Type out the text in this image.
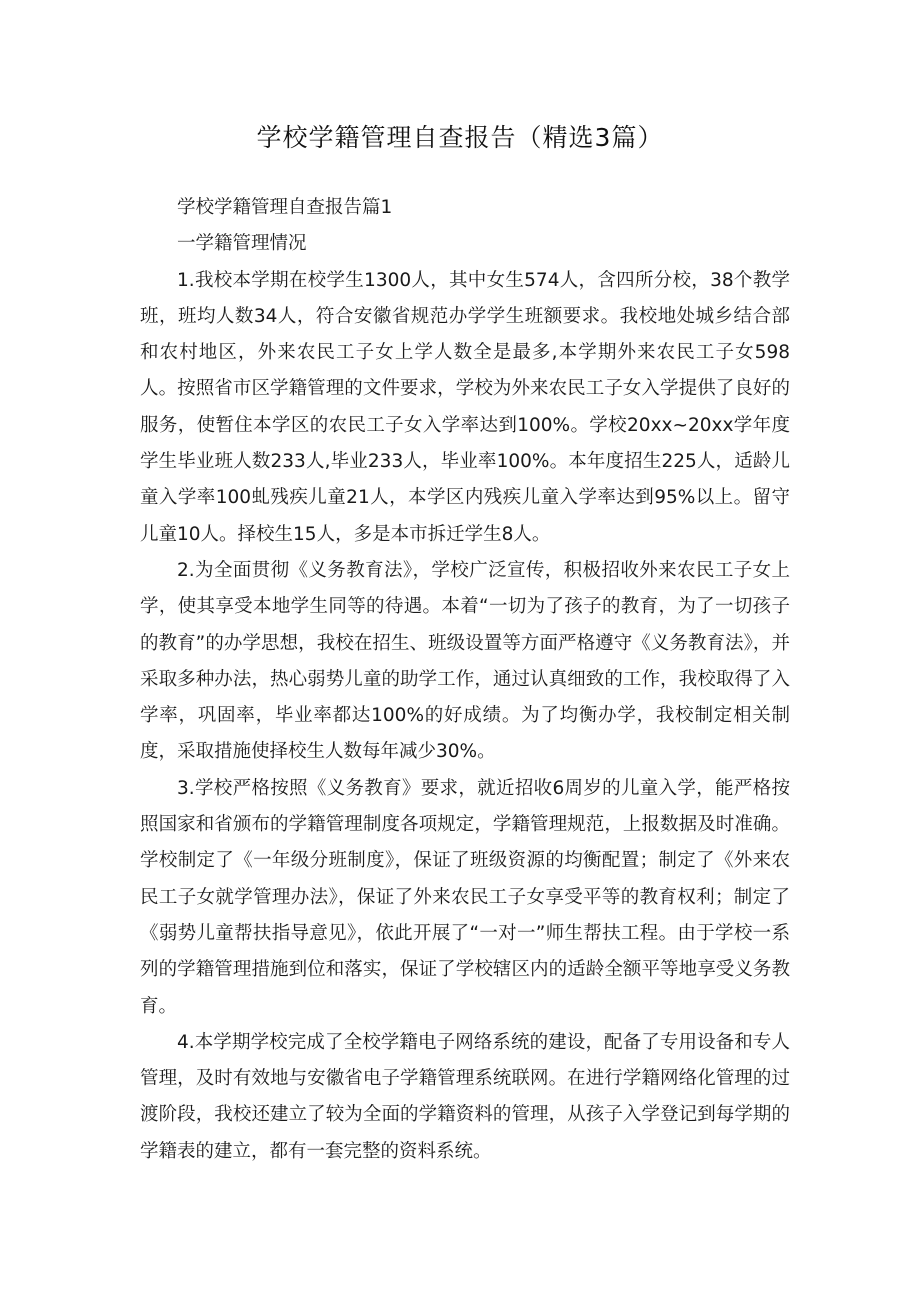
学校学籍管理自查报告（精选3篇）

学校学籍管理自查报告篇1

一学籍管理情况

1.我校本学期在校学生1300人，其中女生574人，含四所分校，38个教学班，班均人数34人，符合安徽省规范办学学生班额要求。我校地处城乡结合部和农村地区，外来农民工子女上学人数全是最多,本学期外来农民工子女598人。按照省市区学籍管理的文件要求，学校为外来农民工子女入学提供了良好的服务，使暂住本学区的农民工子女入学率达到100%。学校20xx~20xx学年度学生毕业班人数233人,毕业233人，毕业率100%。本年度招生225人，适龄儿童入学率100虬残疾儿童21人，本学区内残疾儿童入学率达到95%以上。留守儿童10人。择校生15人，多是本市拆迁学生8人。

2.为全面贯彻《义务教育法》，学校广泛宣传，积极招收外来农民工子女上学，使其享受本地学生同等的待遇。本着“一切为了孩子的教育，为了一切孩子的教育”的办学思想，我校在招生、班级设置等方面严格遵守《义务教育法》，并采取多种办法，热心弱势儿童的助学工作，通过认真细致的工作，我校取得了入学率，巩固率，毕业率都达100%的好成绩。为了均衡办学，我校制定相关制度，采取措施使择校生人数每年减少30%。

3.学校严格按照《义务教育》要求，就近招收6周岁的儿童入学，能严格按照国家和省颁布的学籍管理制度各项规定，学籍管理规范，上报数据及时准确。学校制定了《一年级分班制度》，保证了班级资源的均衡配置；制定了《外来农民工子女就学管理办法》，保证了外来农民工子女享受平等的教育权利；制定了《弱势儿童帮扶指导意见》，依此开展了“一对一”师生帮扶工程。由于学校一系列的学籍管理措施到位和落实，保证了学校辖区内的适龄全额平等地享受义务教育。

4.本学期学校完成了全校学籍电子网络系统的建设，配备了专用设备和专人管理，及时有效地与安徽省电子学籍管理系统联网。在进行学籍网络化管理的过渡阶段，我校还建立了较为全面的学籍资料的管理，从孩子入学登记到每学期的学籍表的建立，都有一套完整的资料系统。
